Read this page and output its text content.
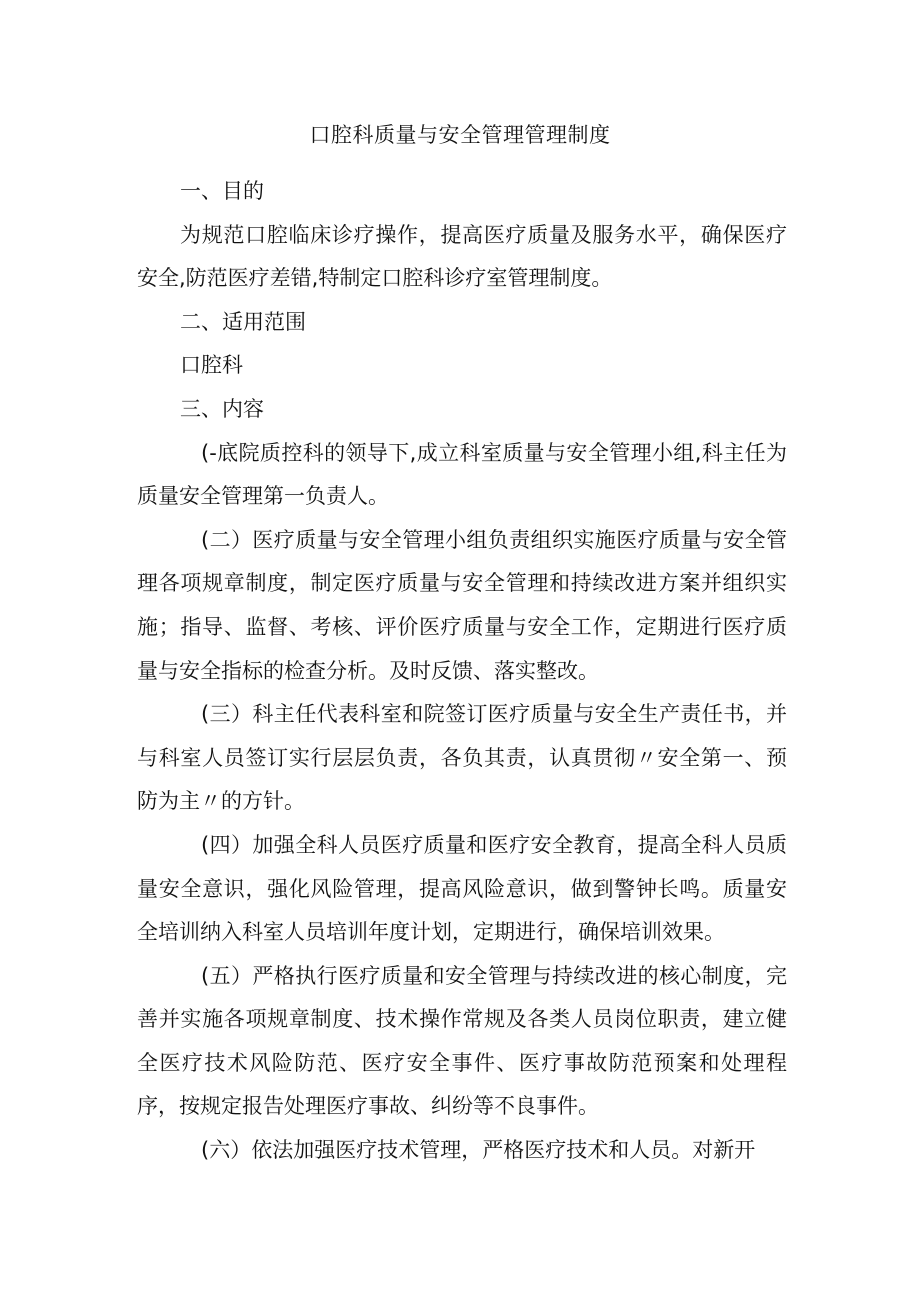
口腔科质量与安全管理管理制度

一、目的

为规范口腔临床诊疗操作，提高医疗质量及服务水平，确保医疗安全,防范医疗差错,特制定口腔科诊疗室管理制度。

二、适用范围

口腔科

三、内容

(-底院质控科的领导下,成立科室质量与安全管理小组,科主任为质量安全管理第一负责人。

(二）医疗质量与安全管理小组负责组织实施医疗质量与安全管理各项规章制度，制定医疗质量与安全管理和持续改进方案并组织实施；指导、监督、考核、评价医疗质量与安全工作，定期进行医疗质量与安全指标的检查分析。及时反馈、落实整改。

(三）科主任代表科室和院签订医疗质量与安全生产责任书，并与科室人员签订实行层层负责，各负其责，认真贯彻〃安全第一、预防为主〃的方针。

(四）加强全科人员医疗质量和医疗安全教育，提高全科人员质量安全意识，强化风险管理，提高风险意识，做到警钟长鸣。质量安全培训纳入科室人员培训年度计划，定期进行，确保培训效果。

(五）严格执行医疗质量和安全管理与持续改进的核心制度，完善并实施各项规章制度、技术操作常规及各类人员岗位职责，建立健全医疗技术风险防范、医疗安全事件、医疗事故防范预案和处理程序，按规定报告处理医疗事故、纠纷等不良事件。

(六）依法加强医疗技术管理，严格医疗技术和人员。对新开
